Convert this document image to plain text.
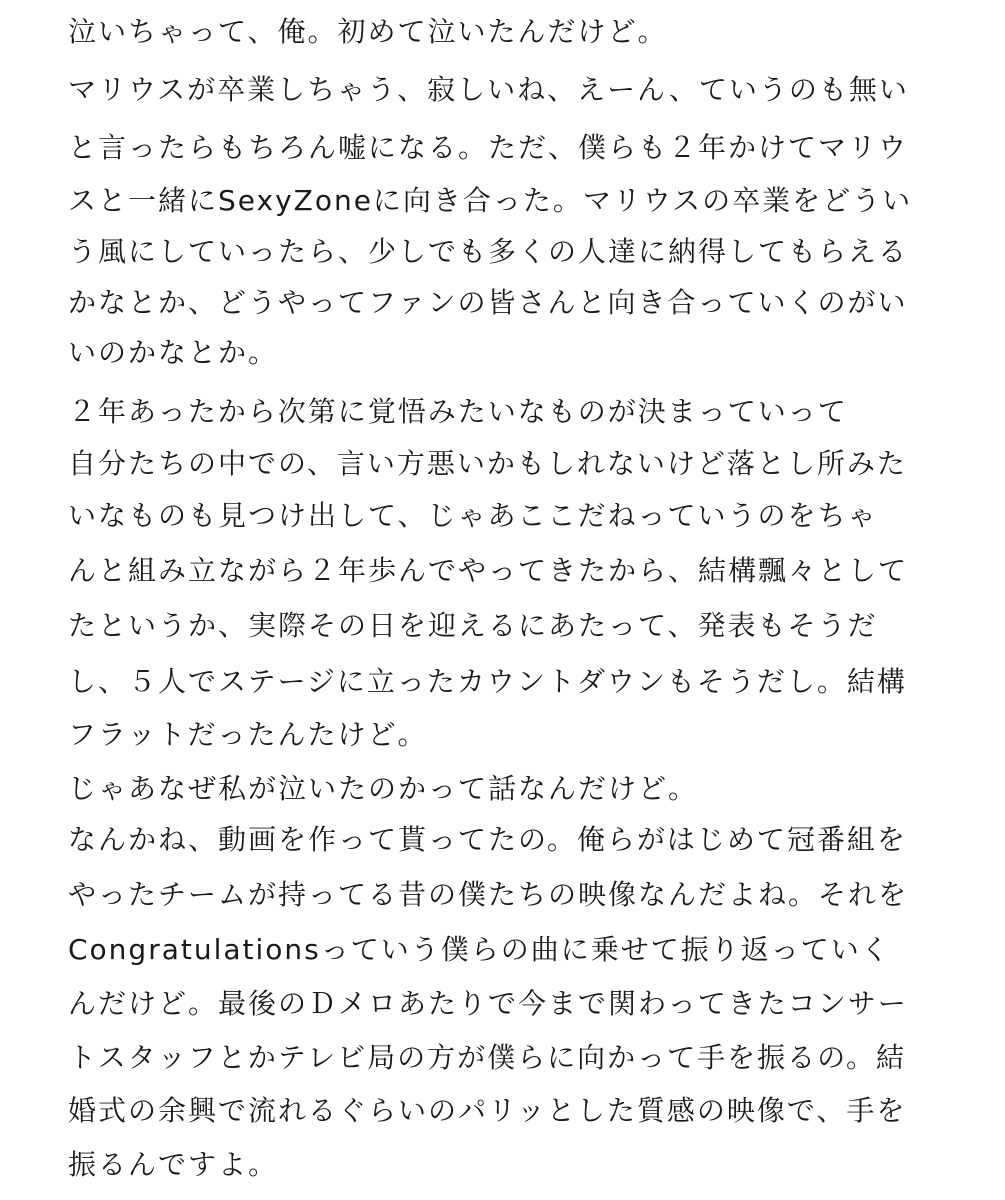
泣いちゃって、俺。初めて泣いたんだけど。
マリウスが卒業しちゃう、寂しいね、えーん、ていうのも無い
と言ったらもちろん嘘になる。ただ、僕らも２年かけてマリウ
スと一緒にSexyZoneに向き合った。マリウスの卒業をどうい
う風にしていったら、少しでも多くの人達に納得してもらえる
かなとか、どうやってファンの皆さんと向き合っていくのがい
いのかなとか。
２年あったから次第に覚悟みたいなものが決まっていって
自分たちの中での、言い方悪いかもしれないけど落とし所みた
いなものも見つけ出して、じゃあここだねっていうのをちゃ
んと組み立ながら２年歩んでやってきたから、結構飄々として
たというか、実際その日を迎えるにあたって、発表もそうだ
し、５人でステージに立ったカウントダウンもそうだし。結構
フラットだったんたけど。
じゃあなぜ私が泣いたのかって話なんだけど。
なんかね、動画を作って貰ってたの。俺らがはじめて冠番組を
やったチームが持ってる昔の僕たちの映像なんだよね。それを
Congratulationsっていう僕らの曲に乗せて振り返っていく
んだけど。最後のＤメロあたりで今まで関わってきたコンサー
トスタッフとかテレビ局の方が僕らに向かって手を振るの。結
婚式の余興で流れるぐらいのパリッとした質感の映像で、手を
振るんですよ。
